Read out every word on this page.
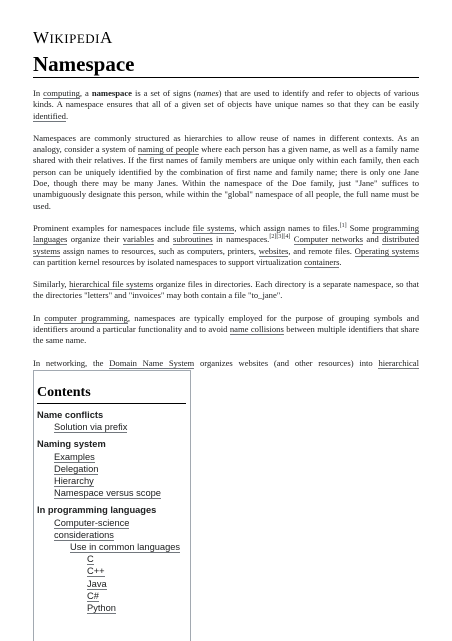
WIKIPEDIA
Namespace

In computing, a namespace is a set of signs (names) that are used to identify and refer to objects of various kinds. A namespace ensures that all of a given set of objects have unique names so that they can be easily identified.

Namespaces are commonly structured as hierarchies to allow reuse of names in different contexts. As an analogy, consider a system of naming of people where each person has a given name, as well as a family name shared with their relatives. If the first names of family members are unique only within each family, then each person can be uniquely identified by the combination of first name and family name; there is only one Jane Doe, though there may be many Janes. Within the namespace of the Doe family, just "Jane" suffices to unambiguously designate this person, while within the "global" namespace of all people, the full name must be used.

Prominent examples for namespaces include file systems, which assign names to files.[1] Some programming languages organize their variables and subroutines in namespaces.[2][3][4] Computer networks and distributed systems assign names to resources, such as computers, printers, websites, and remote files. Operating systems can partition kernel resources by isolated namespaces to support virtualization containers.

Similarly, hierarchical file systems organize files in directories. Each directory is a separate namespace, so that the directories "letters" and "invoices" may both contain a file "to_jane".

In computer programming, namespaces are typically employed for the purpose of grouping symbols and identifiers around a particular functionality and to avoid name collisions between multiple identifiers that share the same name.

In networking, the Domain Name System organizes websites (and other resources) into hierarchical

Contents
Name conflicts
Solution via prefix
Naming system
Examples
Delegation
Hierarchy
Namespace versus scope
In programming languages
Computer-science considerations
Use in common languages
C
C++
Java
C#
Python
